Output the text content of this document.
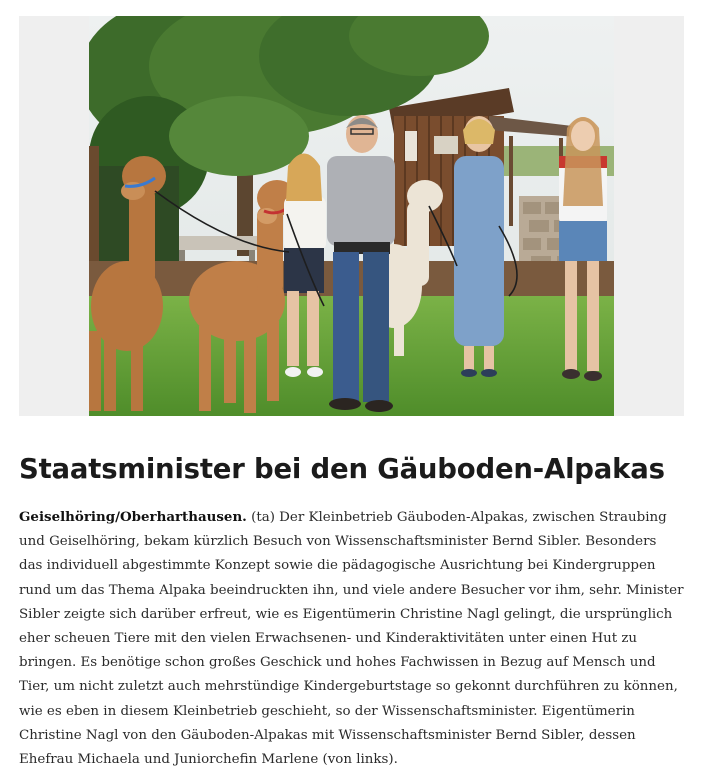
Staatsminister bei den Gäuboden-Alpakas

Geiselhöring/Oberharthausen. (ta) Der Kleinbetrieb Gäuboden-Alpakas, zwischen Straubing und Geiselhöring, bekam kürzlich Besuch von Wissenschaftsminister Bernd Sibler. Besonders das individuell abgestimmte Konzept sowie die pädagogische Ausrichtung bei Kindergruppen rund um das Thema Alpaka beeindruckten ihn, und viele andere Besucher vor ihm, sehr. Minister Sibler zeigte sich darüber erfreut, wie es Eigentümerin Christine Nagl gelingt, die ursprünglich eher scheuen Tiere mit den vielen Erwachsenen- und Kinderaktivitäten unter einen Hut zu bringen. Es benötige schon großes Geschick und hohes Fachwissen in Bezug auf Mensch und Tier, um nicht zuletzt auch mehrstündige Kindergeburtstage so gekonnt durchführen zu können, wie es eben in diesem Kleinbetrieb geschieht, so der Wissenschaftsminister. Eigentümerin Christine Nagl von den Gäuboden-Alpakas mit Wissenschaftsminister Bernd Sibler, dessen Ehefrau Michaela und Juniorchefin Marlene (von links).
